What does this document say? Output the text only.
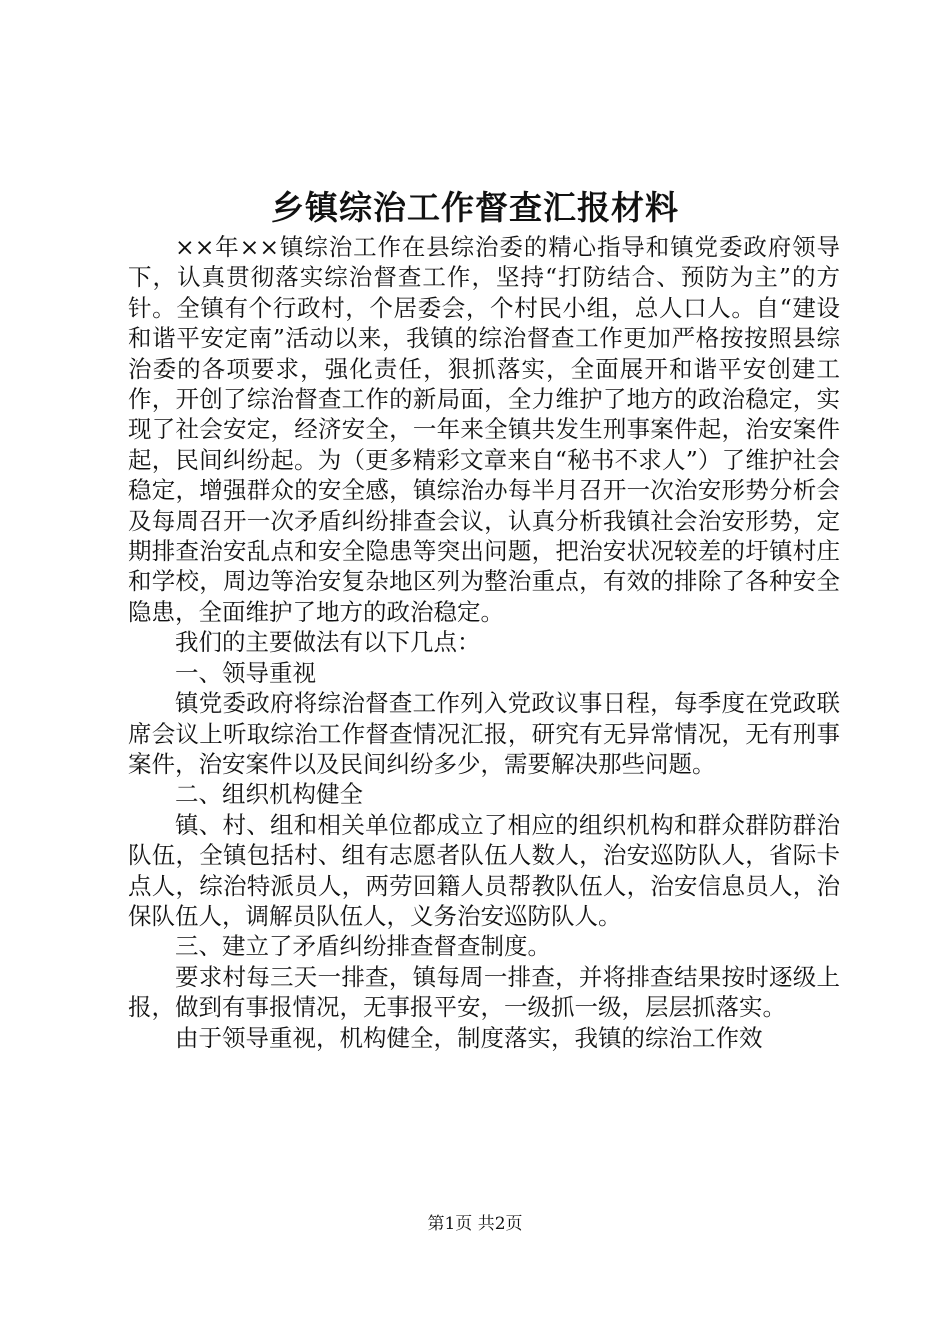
乡镇综治工作督查汇报材料

××年××镇综治工作在县综治委的精心指导和镇党委政府领导下，认真贯彻落实综治督查工作，坚持“打防结合、预防为主”的方针。全镇有个行政村，个居委会，个村民小组，总人口人。自“建设和谐平安定南”活动以来，我镇的综治督查工作更加严格按按照县综治委的各项要求，强化责任，狠抓落实，全面展开和谐平安创建工作，开创了综治督查工作的新局面，全力维护了地方的政治稳定，实现了社会安定，经济安全，一年来全镇共发生刑事案件起，治安案件起，民间纠纷起。为（更多精彩文章来自“秘书不求人”）了维护社会稳定，增强群众的安全感，镇综治办每半月召开一次治安形势分析会及每周召开一次矛盾纠纷排查会议，认真分析我镇社会治安形势，定期排查治安乱点和安全隐患等突出问题，把治安状况较差的圩镇村庄和学校，周边等治安复杂地区列为整治重点，有效的排除了各种安全隐患，全面维护了地方的政治稳定。

我们的主要做法有以下几点：

一、领导重视

镇党委政府将综治督查工作列入党政议事日程，每季度在党政联席会议上听取综治工作督查情况汇报，研究有无异常情况，无有刑事案件，治安案件以及民间纠纷多少，需要解决那些问题。

二、组织机构健全

镇、村、组和相关单位都成立了相应的组织机构和群众群防群治队伍，全镇包括村、组有志愿者队伍人数人，治安巡防队人，省际卡点人，综治特派员人，两劳回籍人员帮教队伍人，治安信息员人，治保队伍人，调解员队伍人，义务治安巡防队人。

三、建立了矛盾纠纷排查督查制度。

要求村每三天一排查，镇每周一排查，并将排查结果按时逐级上报，做到有事报情况，无事报平安，一级抓一级，层层抓落实。

由于领导重视，机构健全，制度落实，我镇的综治工作效

第1页 共2页
